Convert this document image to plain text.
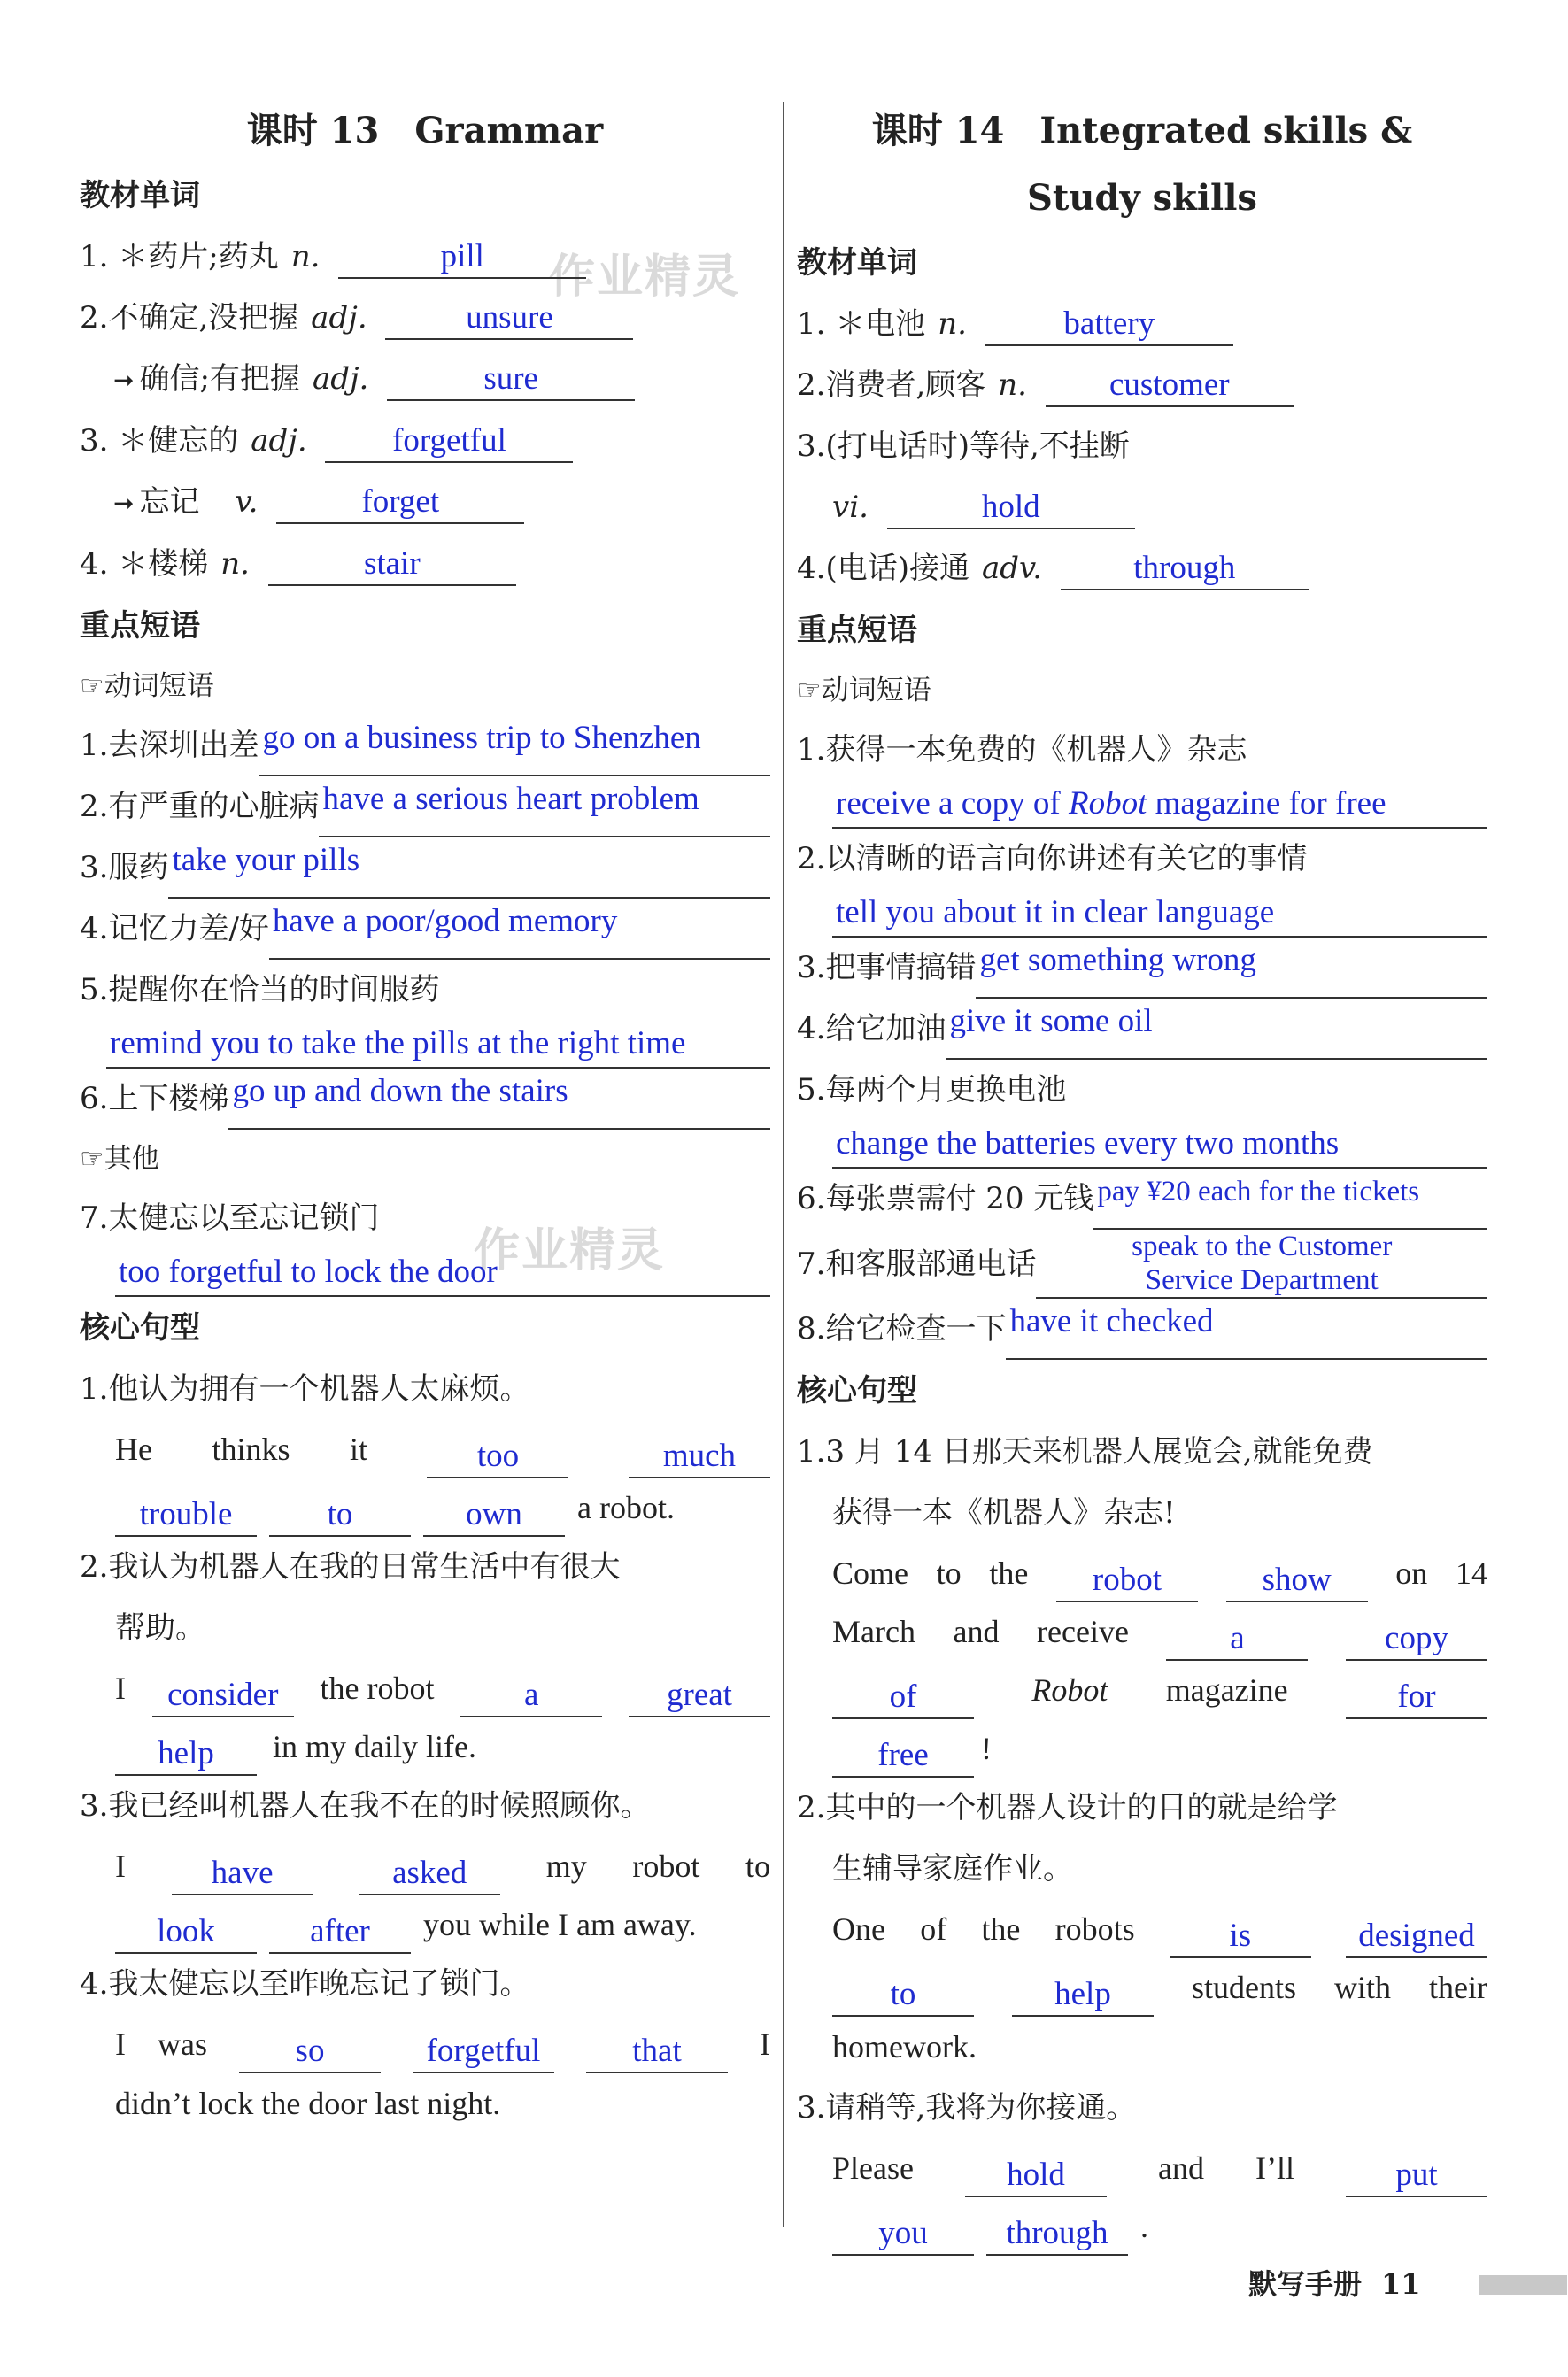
作业精灵
作业精灵
课时 13　Grammar
教材单词
1. ＊药片;药丸 n.	pill
2.不确定,没把握 adj.	unsure
➞ 确信;有把握 adj.	sure
3. ＊健忘的 adj.	forgetful
➞ 忘记 v.	forget
4. ＊楼梯 n.	stair
重点短语
☞动词短语
1. 去深圳出差 go on a business trip to Shenzhen
2. 有严重的心脏病 have a serious heart problem
3. 服药 take your pills
4. 记忆力差/好 have a poor/good memory
5.提醒你在恰当的时间服药
remind you to take the pills at the right time
6. 上下楼梯 go up and down the stairs
☞其他
7.太健忘以至忘记锁门
too forgetful to lock the door
核心句型
1.他认为拥有一个机器人太麻烦。
He thinks it	too	much
trouble	to	own	a robot.
2.我认为机器人在我的日常生活中有很大
帮助。
I	consider	the robot	a	great
help	in my daily life.
3.我已经叫机器人在我不在的时候照顾你。
I	have	asked	my robot to
look	after	you while I am away.
4.我太健忘以至昨晚忘记了锁门。
I was	so	forgetful	that	I
didn’t lock the door last night.
课时 14　Integrated skills &
Study skills
教材单词
1. ＊电池 n.	battery
2.消费者,顾客 n.	customer
3.(打电话时)等待,不挂断
vi.	hold
4.(电话)接通 adv.	through
重点短语
☞动词短语
1.获得一本免费的《机器人》杂志
receive a copy of Robot magazine for free
2.以清晰的语言向你讲述有关它的事情
tell you about it in clear language
3. 把事情搞错 get something wrong
4. 给它加油 give it some oil
5.每两个月更换电池
change the batteries every two months
6. 每张票需付 20 元钱 pay ¥20 each for the tickets
7. 和客服部通电话	speak to the Customer
Service Department
8. 给它检查一下 have it checked
核心句型
1.3 月 14 日那天来机器人展览会,就能免费
获得一本《机器人》杂志!
Come to the	robot	show	on 14
March and receive	a	copy
of	Robot magazine	for
free	!
2.其中的一个机器人设计的目的就是给学
生辅导家庭作业。
One of the robots	is	designed
to	help	students with their
homework.
3.请稍等,我将为你接通。
Please	hold	and I’ll	put
you	through	.
默写手册 11
